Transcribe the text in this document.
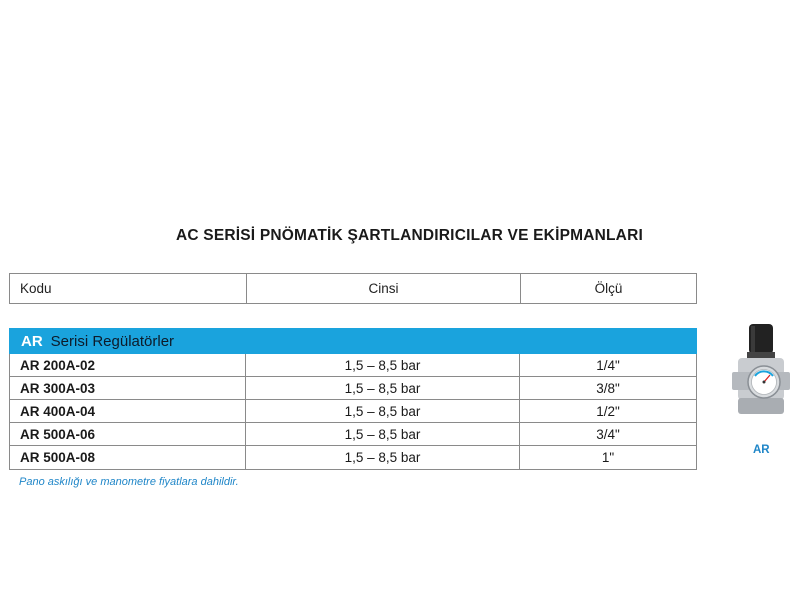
AC SERİSİ PNÖMATİK ŞARTLANDIRICILAR VE EKİPMANLARI
Kodu	Cinsi	Ölçü
AR Serisi Regülatörler
AR 200A-02	1,5 – 8,5 bar	1/4"
AR 300A-03	1,5 – 8,5 bar	3/8"
AR 400A-04	1,5 – 8,5 bar	1/2"
AR 500A-06	1,5 – 8,5 bar	3/4"
AR 500A-08	1,5 – 8,5 bar	1"
Pano askılığı ve manometre fiyatlara dahildir.
AR
